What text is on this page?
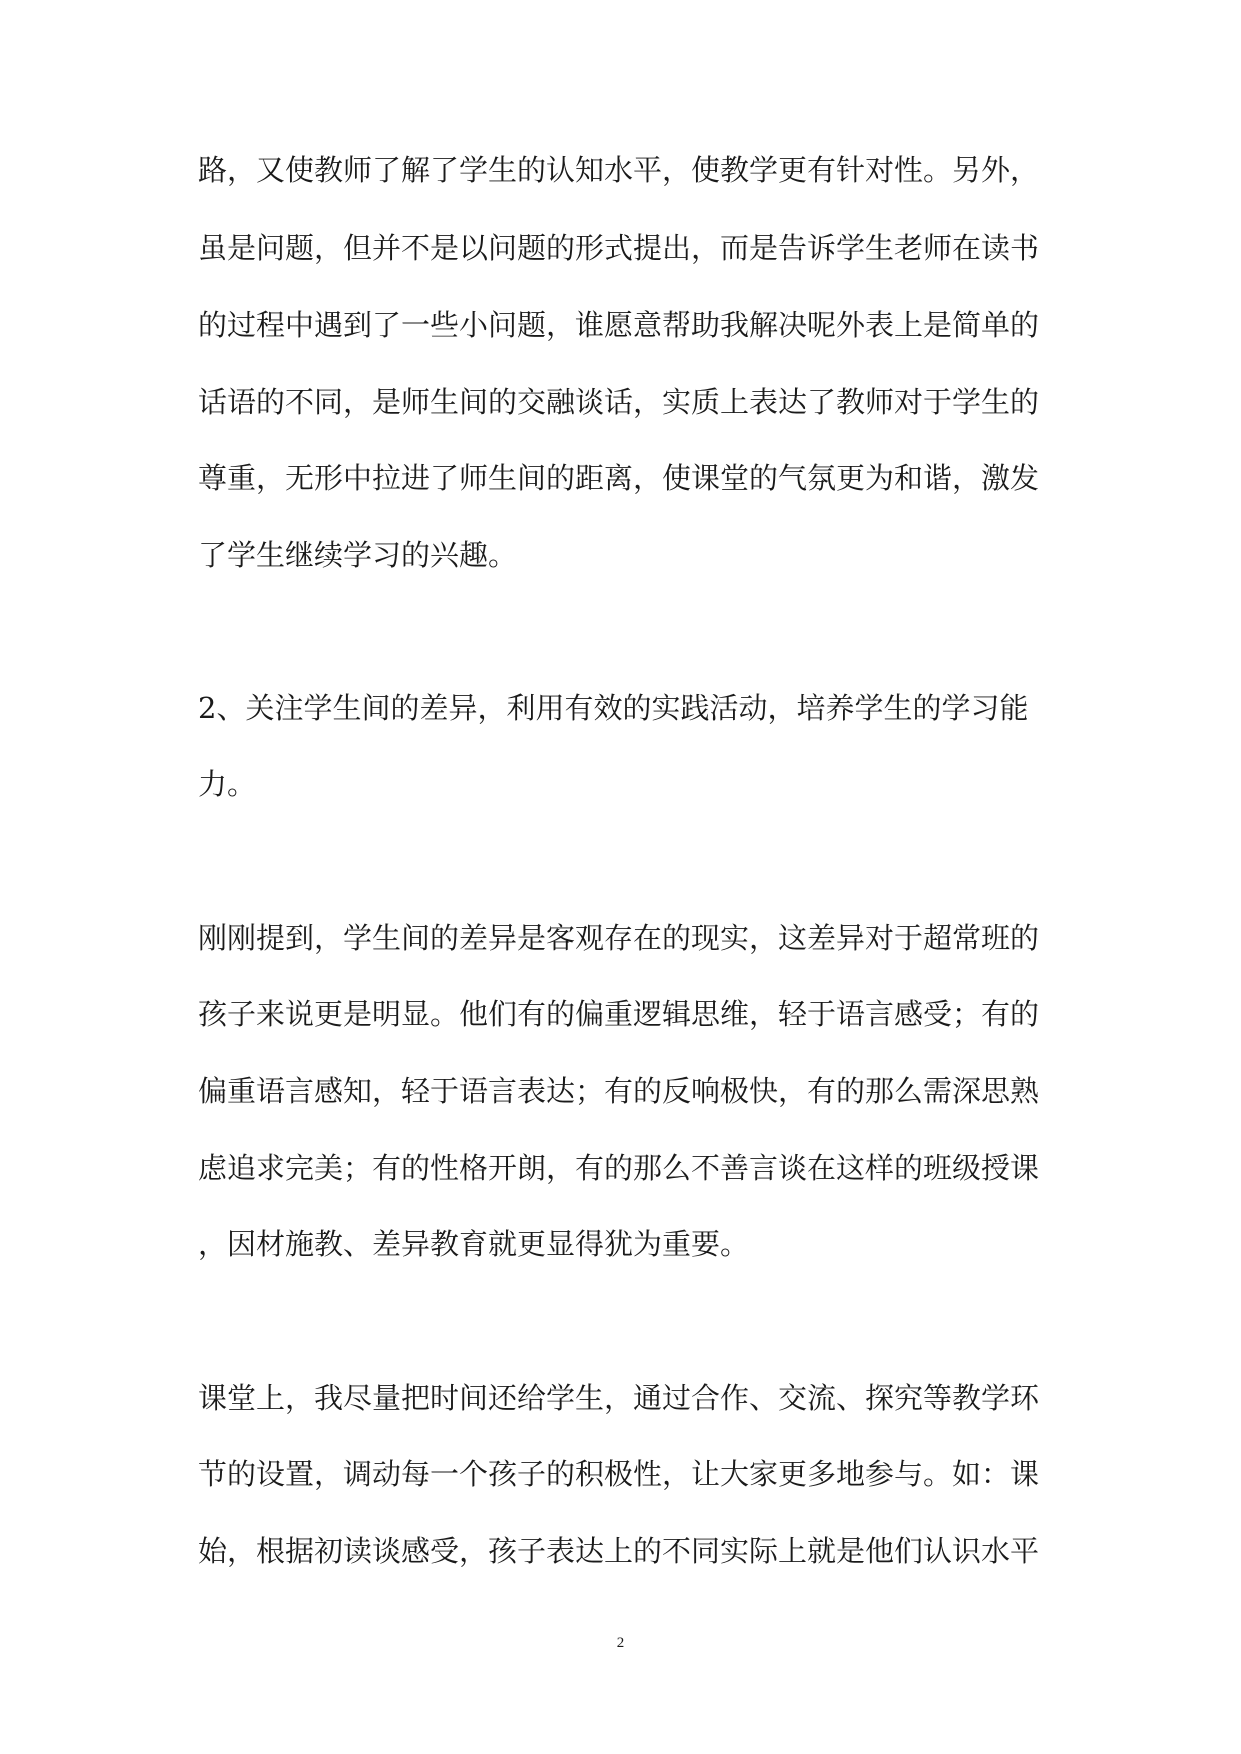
路，又使教师了解了学生的认知水平，使教学更有针对性。另外，

虽是问题，但并不是以问题的形式提出，而是告诉学生老师在读书

的过程中遇到了一些小问题，谁愿意帮助我解决呢外表上是简单的

话语的不同，是师生间的交融谈话，实质上表达了教师对于学生的

尊重，无形中拉进了师生间的距离，使课堂的气氛更为和谐，激发

了学生继续学习的兴趣。

2、关注学生间的差异，利用有效的实践活动，培养学生的学习能

力。

刚刚提到，学生间的差异是客观存在的现实，这差异对于超常班的

孩子来说更是明显。他们有的偏重逻辑思维，轻于语言感受；有的

偏重语言感知，轻于语言表达；有的反响极快，有的那么需深思熟

虑追求完美；有的性格开朗，有的那么不善言谈在这样的班级授课

，因材施教、差异教育就更显得犹为重要。

课堂上，我尽量把时间还给学生，通过合作、交流、探究等教学环

节的设置，调动每一个孩子的积极性，让大家更多地参与。如：课

始，根据初读谈感受，孩子表达上的不同实际上就是他们认识水平

2
